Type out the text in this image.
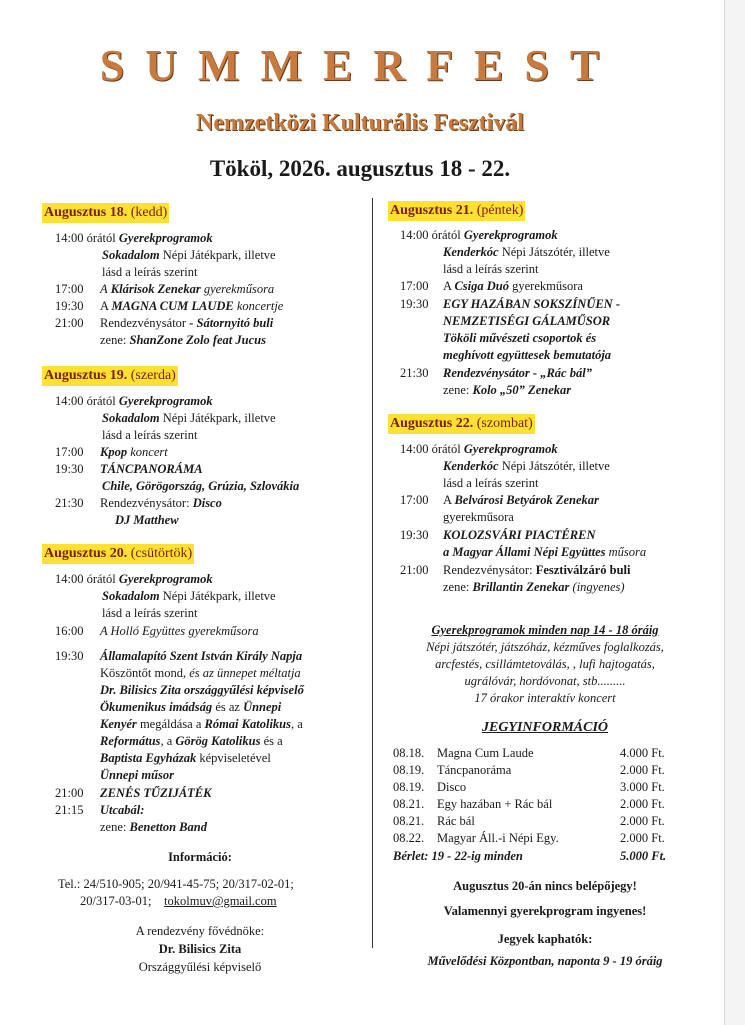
SUMMERFEST
Nemzetközi Kulturális Fesztivál
Tököl, 2026. augusztus 18 - 22.
Augusztus 18. (kedd)
14:00 órától Gyerekprogramok
Sokadalom Népi Játékpark, illetve
lásd a leírás szerint
17:00 A Klárisok Zenekar gyerekműsora
19:30 A MAGNA CUM LAUDE koncertje
21:00 Rendezvénysátor - Sátornyitó buli
zene: ShanZone Zolo feat Jucus
Augusztus 19. (szerda)
14:00 órától Gyerekprogramok
Sokadalom Népi Játékpark, illetve
lásd a leírás szerint
17:00 Kpop koncert
19:30 TÁNCPANORÁMA
Chile, Görögország, Grúzia, Szlovákia
21:30 Rendezvénysátor: Disco
DJ Matthew
Augusztus 20. (csütörtök)
14:00 órától Gyerekprogramok
Sokadalom Népi Játékpark, illetve
lásd a leírás szerint
16:00 A Holló Együttes gyerekműsora
19:30 Államalapító Szent István Király Napja
Köszöntőt mond, és az ünnepet méltatja
Dr. Bilisics Zita országgyűlési képviselő
Ökumenikus imádság és az Ünnepi
Kenyér megáldása a Római Katolikus, a
Református, a Görög Katolikus és a
Baptista Egyházak képviseletével
Ünnepi műsor
21:00 ZENÉS TŰZIJÁTÉK
21:15 Utcabál:
zene: Benetton Band
Információ:
Tel.: 24/510-905; 20/941-45-75; 20/317-02-01;
20/317-03-01; tokolmuv@gmail.com
A rendezvény fővédnöke:
Dr. Bilisics Zita
Országgyűlési képviselő
Augusztus 21. (péntek)
14:00 órától Gyerekprogramok
Kenderkóc Népi Játszótér, illetve
lásd a leírás szerint
17:00 A Csiga Duó gyerekműsora
19:30 EGY HAZÁBAN SOKSZÍNŰEN -
NEMZETISÉGI GÁLAMŰSOR
Tököli művészeti csoportok és
meghívott együttesek bemutatója
21:30 Rendezvénysátor - „Rác bál”
zene: Kolo „50” Zenekar
Augusztus 22. (szombat)
14:00 órától Gyerekprogramok
Kenderkóc Népi Játszótér, illetve
lásd a leírás szerint
17:00 A Belvárosi Betyárok Zenekar
gyerekműsora
19:30 KOLOZSVÁRI PIACTÉREN
a Magyar Állami Népi Együttes műsora
21:00 Rendezvénysátor: Fesztiválzáró buli
zene: Brillantin Zenekar (ingyenes)
Gyerekprogramok minden nap 14 - 18 óráig
Népi játszótér, játszóház, kézműves foglalkozás,
arcfestés, csillámtetoválás, , lufi hajtogatás,
ugrálóvár, hordóvonat, stb.........
17 órakor interaktív koncert
JEGYINFORMÁCIÓ
08.18. Magna Cum Laude	4.000 Ft.
08.19. Táncpanoráma	2.000 Ft.
08.19. Disco	3.000 Ft.
08.21. Egy hazában + Rác bál	2.000 Ft.
08.21. Rác bál	2.000 Ft.
08.22. Magyar Áll.-i Népi Egy.	2.000 Ft.
Bérlet: 19 - 22-ig minden	5.000 Ft.
Augusztus 20-án nincs belépőjegy!
Valamennyi gyerekprogram ingyenes!
Jegyek kaphatók:
Művelődési Központban, naponta 9 - 19 óráig
